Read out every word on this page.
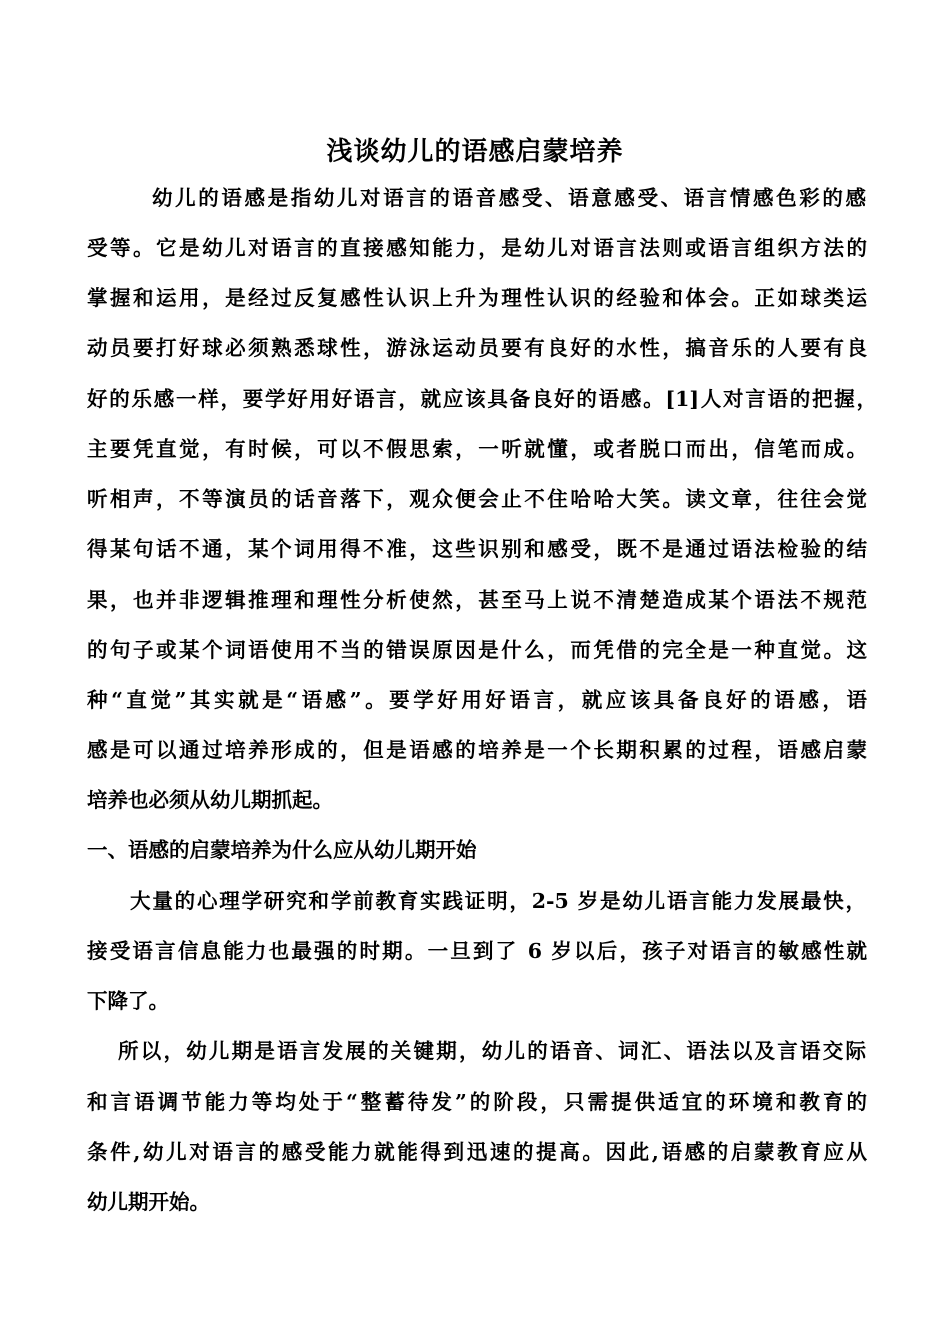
浅谈幼儿的语感启蒙培养
幼儿的语感是指幼儿对语言的语音感受、语意感受、语言情感色彩的感
受等。它是幼儿对语言的直接感知能力，是幼儿对语言法则或语言组织方法的
掌握和运用，是经过反复感性认识上升为理性认识的经验和体会。正如球类运
动员要打好球必须熟悉球性，游泳运动员要有良好的水性，搞音乐的人要有良
好的乐感一样，要学好用好语言，就应该具备良好的语感。[1]人对言语的把握，
主要凭直觉，有时候，可以不假思索，一听就懂，或者脱口而出，信笔而成。
听相声，不等演员的话音落下，观众便会止不住哈哈大笑。读文章，往往会觉
得某句话不通，某个词用得不准，这些识别和感受，既不是通过语法检验的结
果，也并非逻辑推理和理性分析使然，甚至马上说不清楚造成某个语法不规范
的句子或某个词语使用不当的错误原因是什么，而凭借的完全是一种直觉。这
种“直觉”其实就是“语感”。要学好用好语言，就应该具备良好的语感，语
感是可以通过培养形成的，但是语感的培养是一个长期积累的过程，语感启蒙
培养也必须从幼儿期抓起。
一、语感的启蒙培养为什么应从幼儿期开始
大量的心理学研究和学前教育实践证明，2-5 岁是幼儿语言能力发展最快，
接受语言信息能力也最强的时期。一旦到了 6 岁以后，孩子对语言的敏感性就
下降了。
所以，幼儿期是语言发展的关键期，幼儿的语音、词汇、语法以及言语交际
和言语调节能力等均处于“整蓄待发”的阶段，只需提供适宜的环境和教育的
条件,幼儿对语言的感受能力就能得到迅速的提高。因此,语感的启蒙教育应从
幼儿期开始。
